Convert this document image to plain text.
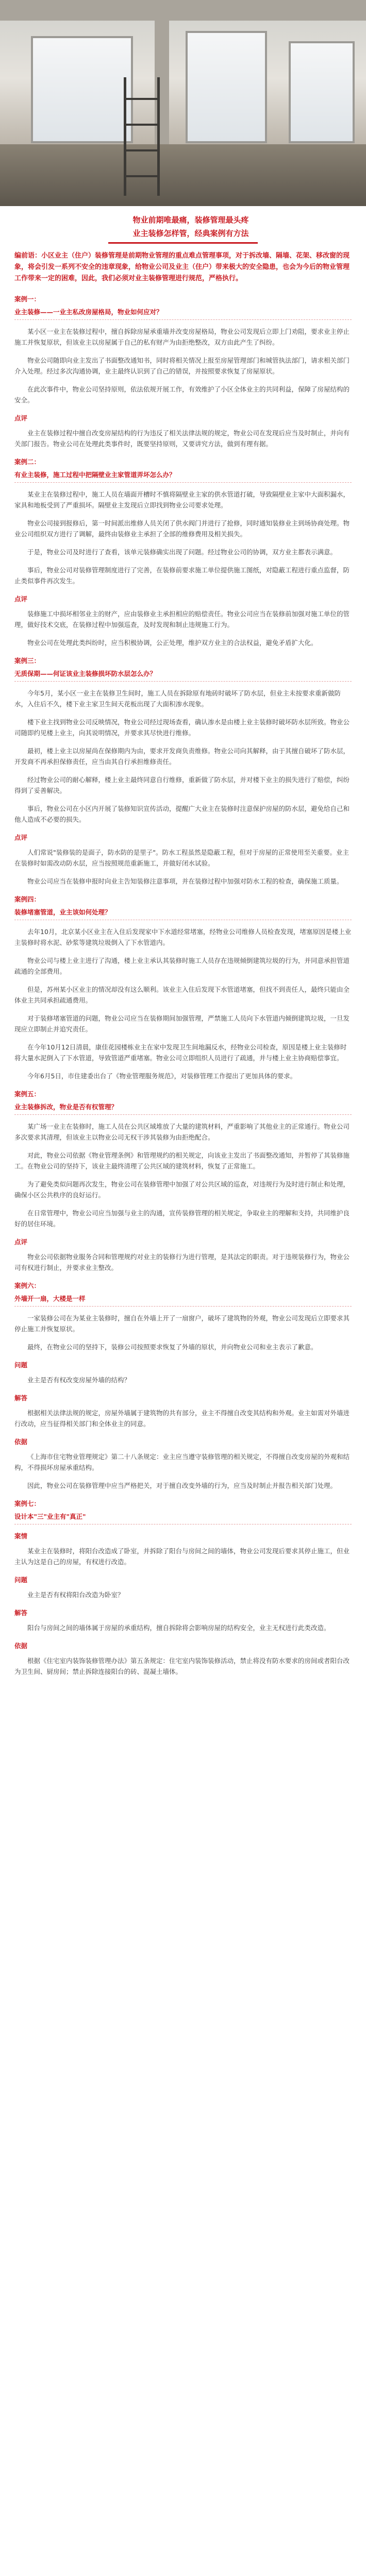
物业前期唯最痛，装修管理最头疼

业主装修怎样管，经典案例有方法

编前语：小区业主（住户）装修管理是前期物业管理的重点难点管理事项，对于拆改墙、隔墙、花架、移改窗的现象，将会引发一系列不安全的违章现象，给物业公司及业主（住户）带来极大的安全隐患，也会为今后的物业管理工作带来一定的困难，因此，我们必须对业主装修管理进行规范，严格执行。

案例一：

业主装修——一业主私改房屋格局，物业如何应对？

某小区一业主在装修过程中，擅自拆除房屋承重墙并改变房屋格局，物业公司发现后立即上门劝阻，要求业主停止施工并恢复原状，但该业主以房屋属于自己的私有财产为由拒绝整改，双方由此产生了纠纷。

物业公司随即向业主发出了书面整改通知书，同时将相关情况上报至房屋管理部门和城管执法部门，请求相关部门介入处理。经过多次沟通协调，业主最终认识到了自己的错误，并按照要求恢复了房屋原状。

在此次事件中，物业公司坚持原则，依法依规开展工作，有效维护了小区全体业主的共同利益，保障了房屋结构的安全。

点评

业主在装修过程中擅自改变房屋结构的行为违反了相关法律法规的规定，物业公司在发现后应当及时制止，并向有关部门报告。物业公司在处理此类事件时，既要坚持原则，又要讲究方法，做到有理有据。

案例二：

有业主装修，施工过程中把隔壁业主家管道弄坏怎么办？

某业主在装修过程中，施工人员在墙面开槽时不慎将隔壁业主家的供水管道打破，导致隔壁业主家中大面积漏水，家具和地板受到了严重损坏。隔壁业主发现后立即找到物业公司要求处理。

物业公司接到报修后，第一时间派出维修人员关闭了供水阀门并进行了抢修，同时通知装修业主到场协商处理。物业公司组织双方进行了调解，最终由装修业主承担了全部的维修费用及相关损失。

于是，物业公司及时进行了查看，该单元装修确实出现了问题。经过物业公司的协调，双方业主都表示满意。

事后，物业公司对装修管理制度进行了完善，在装修前要求施工单位提供施工图纸，对隐蔽工程进行重点监督，防止类似事件再次发生。

点评

装修施工中损坏相邻业主的财产，应由装修业主承担相应的赔偿责任。物业公司应当在装修前加强对施工单位的管理，做好技术交底，在装修过程中加强巡查，及时发现和制止违规施工行为。

物业公司在处理此类纠纷时，应当积极协调，公正处理，维护双方业主的合法权益，避免矛盾扩大化。

案例三：

无质保期——何证该业主装修损坏防水层怎么办？

今年5月，某小区一业主在装修卫生间时，施工人员在拆除原有地砖时破坏了防水层，但业主未按要求重新做防水，入住后不久，楼下业主家卫生间天花板出现了大面积渗水现象。

楼下业主找到物业公司反映情况，物业公司经过现场查看，确认渗水是由楼上业主装修时破坏防水层所致。物业公司随即约见楼上业主，向其说明情况，并要求其尽快进行维修。

最初，楼上业主以房屋尚在保修期内为由，要求开发商负责维修。物业公司向其解释，由于其擅自破坏了防水层，开发商不再承担保修责任，应当由其自行承担维修责任。

经过物业公司的耐心解释，楼上业主最终同意自行维修，重新做了防水层，并对楼下业主的损失进行了赔偿，纠纷得到了妥善解决。

事后，物业公司在小区内开展了装修知识宣传活动，提醒广大业主在装修时注意保护房屋的防水层，避免给自己和他人造成不必要的损失。

点评

人们常说"装修装的是面子，防水防的是里子"。防水工程虽然是隐蔽工程，但对于房屋的正常使用至关重要。业主在装修时如需改动防水层，应当按照规范重新施工，并做好闭水试验。

物业公司应当在装修申报时向业主告知装修注意事项，并在装修过程中加强对防水工程的检查，确保施工质量。

案例四：

装修堵塞管道，业主该如何处理？

去年10月，北京某小区业主在入住后发现家中下水道经常堵塞，经物业公司维修人员检查发现，堵塞原因是楼上业主装修时将水泥、砂浆等建筑垃圾倒入了下水管道内。

物业公司与楼上业主进行了沟通，楼上业主承认其装修时施工人员存在违规倾倒建筑垃圾的行为，并同意承担管道疏通的全部费用。

但是，苏州某小区业主的情况却没有这么顺利。该业主入住后发现下水管道堵塞，但找不到责任人，最终只能由全体业主共同承担疏通费用。

对于装修堵塞管道的问题，物业公司应当在装修期间加强管理，严禁施工人员向下水管道内倾倒建筑垃圾，一旦发现应立即制止并追究责任。

在今年10月12日清晨，康佳花园楼栋业主在家中发现卫生间地漏反水，经物业公司检查，原因是楼上业主装修时将大量水泥倒入了下水管道，导致管道严重堵塞。物业公司立即组织人员进行了疏通，并与楼上业主协商赔偿事宜。

今年6月5日，市住建委出台了《物业管理服务规范》，对装修管理工作提出了更加具体的要求。

案例五：

业主装修拆改，物业是否有权管理？

某广场一业主在装修时，施工人员在公共区域堆放了大量的建筑材料，严重影响了其他业主的正常通行。物业公司多次要求其清理，但该业主以物业公司无权干涉其装修为由拒绝配合。

对此，物业公司依据《物业管理条例》和管理规约的相关规定，向该业主发出了书面整改通知，并暂停了其装修施工。在物业公司的坚持下，该业主最终清理了公共区域的建筑材料，恢复了正常施工。

为了避免类似问题再次发生，物业公司在装修管理中加强了对公共区域的巡查，对违规行为及时进行制止和处理，确保小区公共秩序的良好运行。

在日常管理中，物业公司应当加强与业主的沟通，宣传装修管理的相关规定，争取业主的理解和支持，共同维护良好的居住环境。

点评

物业公司依据物业服务合同和管理规约对业主的装修行为进行管理，是其法定的职责。对于违规装修行为，物业公司有权进行制止，并要求业主整改。

案例六：

外墙开一扇，大楼是一样

一家装修公司在为某业主装修时，擅自在外墙上开了一扇窗户，破坏了建筑物的外观，物业公司发现后立即要求其停止施工并恢复原状。

最终，在物业公司的坚持下，装修公司按照要求恢复了外墙的原状，并向物业公司和业主表示了歉意。

问题

业主是否有权改变房屋外墙的结构？

解答

根据相关法律法规的规定，房屋外墙属于建筑物的共有部分，业主不得擅自改变其结构和外观。业主如需对外墙进行改动，应当征得相关部门和全体业主的同意。

依据

《上海市住宅物业管理规定》第二十八条规定：业主应当遵守装修管理的相关规定，不得擅自改变房屋的外观和结构，不得损坏房屋承重结构。

因此，物业公司在装修管理中应当严格把关，对于擅自改变外墙的行为，应当及时制止并报告相关部门处理。

案例七：

设计本"三"业主有"真正"

案情

某业主在装修时，将阳台改造成了卧室，并拆除了阳台与房间之间的墙体，物业公司发现后要求其停止施工，但业主认为这是自己的房屋，有权进行改造。

问题

业主是否有权将阳台改造为卧室？

解答

阳台与房间之间的墙体属于房屋的承重结构，擅自拆除将会影响房屋的结构安全，业主无权进行此类改造。

依据

根据《住宅室内装饰装修管理办法》第五条规定：住宅室内装饰装修活动，禁止将没有防水要求的房间或者阳台改为卫生间、厨房间；禁止拆除连接阳台的砖、混凝土墙体。
